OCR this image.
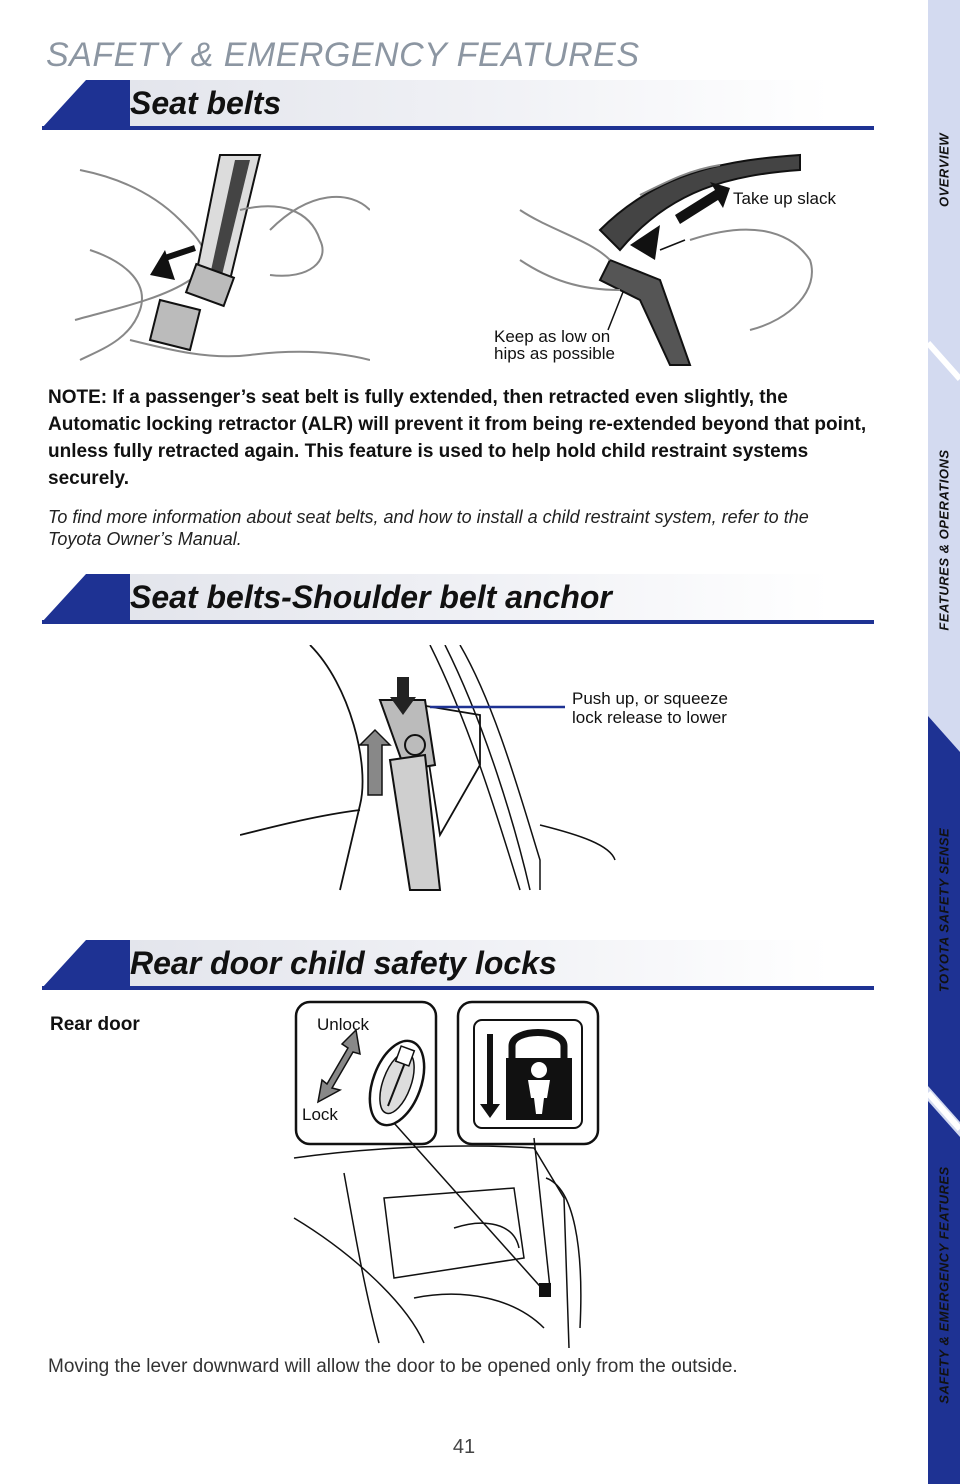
SAFETY & EMERGENCY FEATURES
Seat belts
Take up slack
Keep as low on
hips as possible
NOTE: If a passenger’s seat belt is fully extended, then retracted even slightly, the Automatic locking retractor (ALR) will prevent it from being re-extended beyond that point, unless fully retracted again. This feature is used to help hold child restraint systems securely.
To find more information about seat belts, and how to install a child restraint system, refer to the Toyota Owner’s Manual.
Seat belts-Shoulder belt anchor
Push up, or squeeze
lock release to lower
Rear door child safety locks
Rear door	Unlock
Lock
Moving the lever downward will allow the door to be opened only from the outside.
41
OVERVIEW
FEATURES & OPERATIONS
TOYOTA SAFETY SENSE
SAFETY & EMERGENCY FEATURES
